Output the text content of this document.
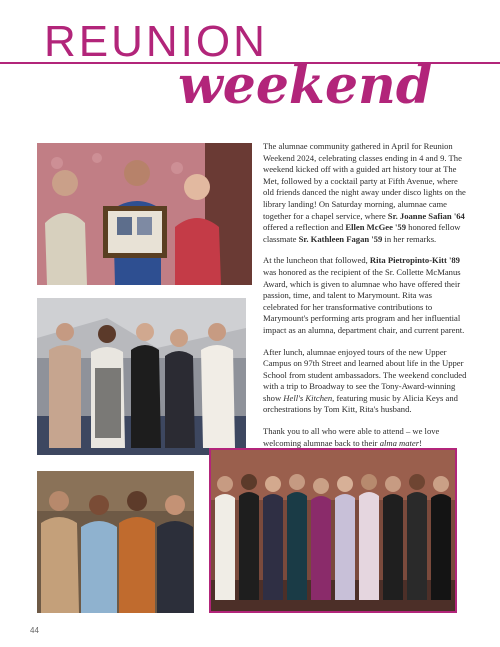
REUNION
weekend

The alumnae community gathered in April for Reunion Weekend 2024, celebrating classes ending in 4 and 9. The weekend kicked off with a guided art history tour at The Met, followed by a cocktail party at Fifth Avenue, where old friends danced the night away under disco lights on the library landing! On Saturday morning, alumnae came together for a chapel service, where Sr. Joanne Safian '64 offered a reflection and Ellen McGee '59 honored fellow classmate Sr. Kathleen Fagan '59 in her remarks.

At the luncheon that followed, Rita Pietropinto-Kitt '89 was honored as the recipient of the Sr. Collette McManus Award, which is given to alumnae who have offered their passion, time, and talent to Marymount. Rita was celebrated for her transformative contributions to Marymount's performing arts program and her influential impact as an alumna, department chair, and current parent.

After lunch, alumnae enjoyed tours of the new Upper Campus on 97th Street and learned about life in the Upper School from student ambassadors. The weekend concluded with a trip to Broadway to see the Tony-Award-winning show Hell's Kitchen, featuring music by Alicia Keys and orchestrations by Tom Kitt, Rita's husband.

Thank you to all who were able to attend – we love welcoming alumnae back to their alma mater!

44
